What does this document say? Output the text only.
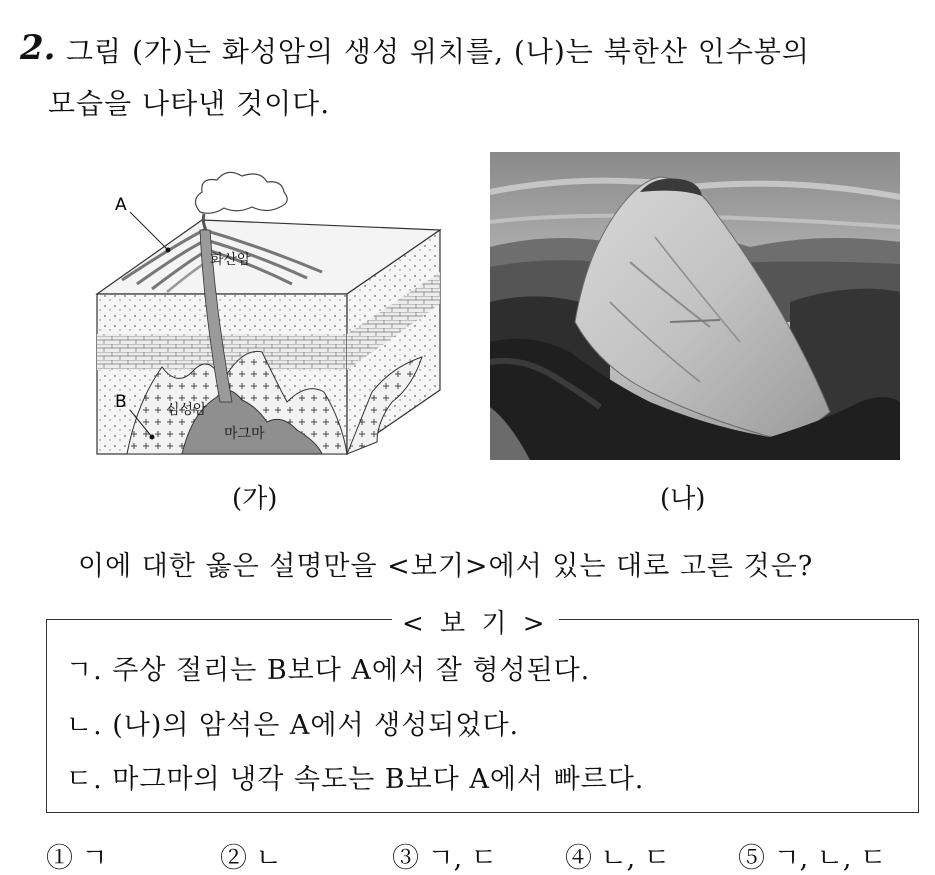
2. 그림 (가)는 화성암의 생성 위치를, (나)는 북한산 인수봉의
모습을 나타낸 것이다.
A
B
화산암
심성암
마그마
(가)	(나)
이에 대한 옳은 설명만을 <보기>에서 있는 대로 고른 것은?
< 보 기 >
ㄱ. 주상 절리는 B보다 A에서 잘 형성된다.
ㄴ. (나)의 암석은 A에서 생성되었다.
ㄷ. 마그마의 냉각 속도는 B보다 A에서 빠르다.
① ㄱ	② ㄴ	③ ㄱ, ㄷ	④ ㄴ, ㄷ	⑤ ㄱ, ㄴ, ㄷ
